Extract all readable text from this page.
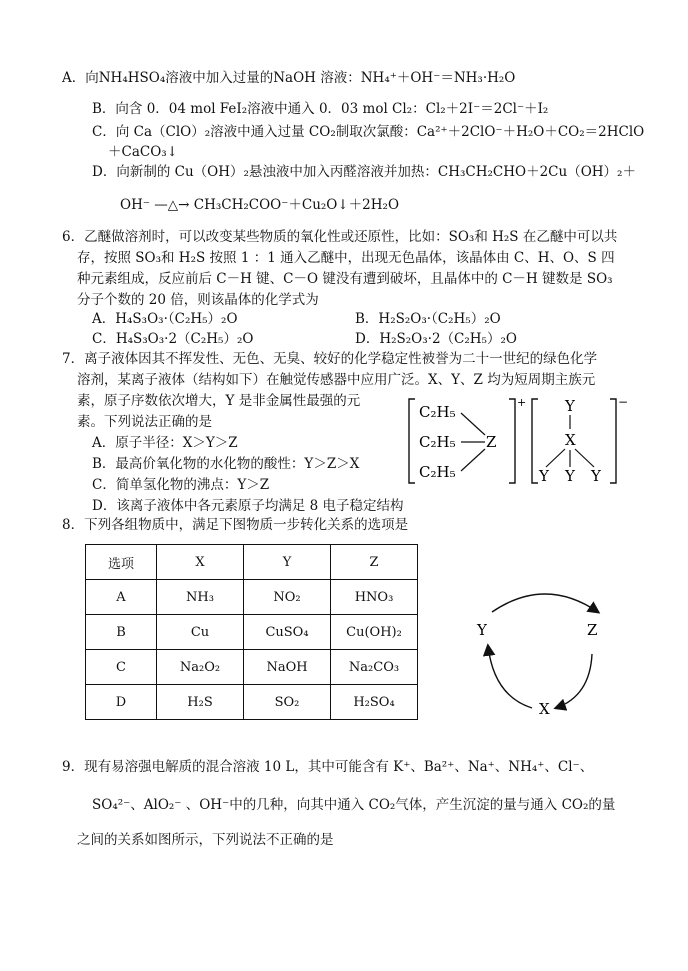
A．向NH₄HSO₄溶液中加入过量的NaOH 溶液：NH₄⁺＋OH⁻＝NH₃·H₂O
B．向含 0．04 mol FeI₂溶液中通入 0．03 mol Cl₂：Cl₂＋2I⁻＝2Cl⁻＋I₂
C．向 Ca（ClO）₂溶液中通入过量 CO₂制取次氯酸：Ca²⁺＋2ClO⁻＋H₂O＋CO₂＝2HClO
＋CaCO₃↓
D．向新制的 Cu（OH）₂悬浊液中加入丙醛溶液并加热：CH₃CH₂CHO＋2Cu（OH）₂＋
OH⁻ —△→ CH₃CH₂COO⁻＋Cu₂O↓＋2H₂O
6．乙醚做溶剂时，可以改变某些物质的氧化性或还原性，比如：SO₃和 H₂S 在乙醚中可以共
存，按照 SO₃和 H₂S 按照 1 ：1 通入乙醚中，出现无色晶体，该晶体由 C、H、O、S 四
种元素组成，反应前后 C－H 键、C－O 键没有遭到破坏，且晶体中的 C－H 键数是 SO₃
分子个数的 20 倍，则该晶体的化学式为
A．H₄S₃O₃·（C₂H₅）₂O	B．H₂S₂O₃·（C₂H₅）₂O
C．H₄S₃O₃·2（C₂H₅）₂O	D．H₂S₂O₃·2（C₂H₅）₂O
7．离子液体因其不挥发性、无色、无臭、较好的化学稳定性被誉为二十一世纪的绿色化学
溶剂，某离子液体（结构如下）在触觉传感器中应用广泛。X、Y、Z 均为短周期主族元
素，原子序数依次增大，Y 是非金属性最强的元
素。下列说法正确的是
A．原子半径：X＞Y＞Z
B．最高价氧化物的水化物的酸性：Y＞Z＞X
C．简单氢化物的沸点：Y＞Z
D．该离子液体中各元素原子均满足 8 电子稳定结构
C₂H₅
C₂H₅
C₂H₅
Z
+	Y
X
Y Y Y
−
8．下列各组物质中，满足下图物质一步转化关系的选项是
选项	X	Y	Z
A	NH₃	NO₂	HNO₃
B	Cu	CuSO₄	Cu(OH)₂
C	Na₂O₂	NaOH	Na₂CO₃
D	H₂S	SO₂	H₂SO₄
Y	Z
X
9．现有易溶强电解质的混合溶液 10 L，其中可能含有 K⁺、Ba²⁺、Na⁺、NH₄⁺、Cl⁻、
SO₄²⁻、AlO₂⁻ 、OH⁻中的几种，向其中通入 CO₂气体，产生沉淀的量与通入 CO₂的量
之间的关系如图所示，下列说法不正确的是
